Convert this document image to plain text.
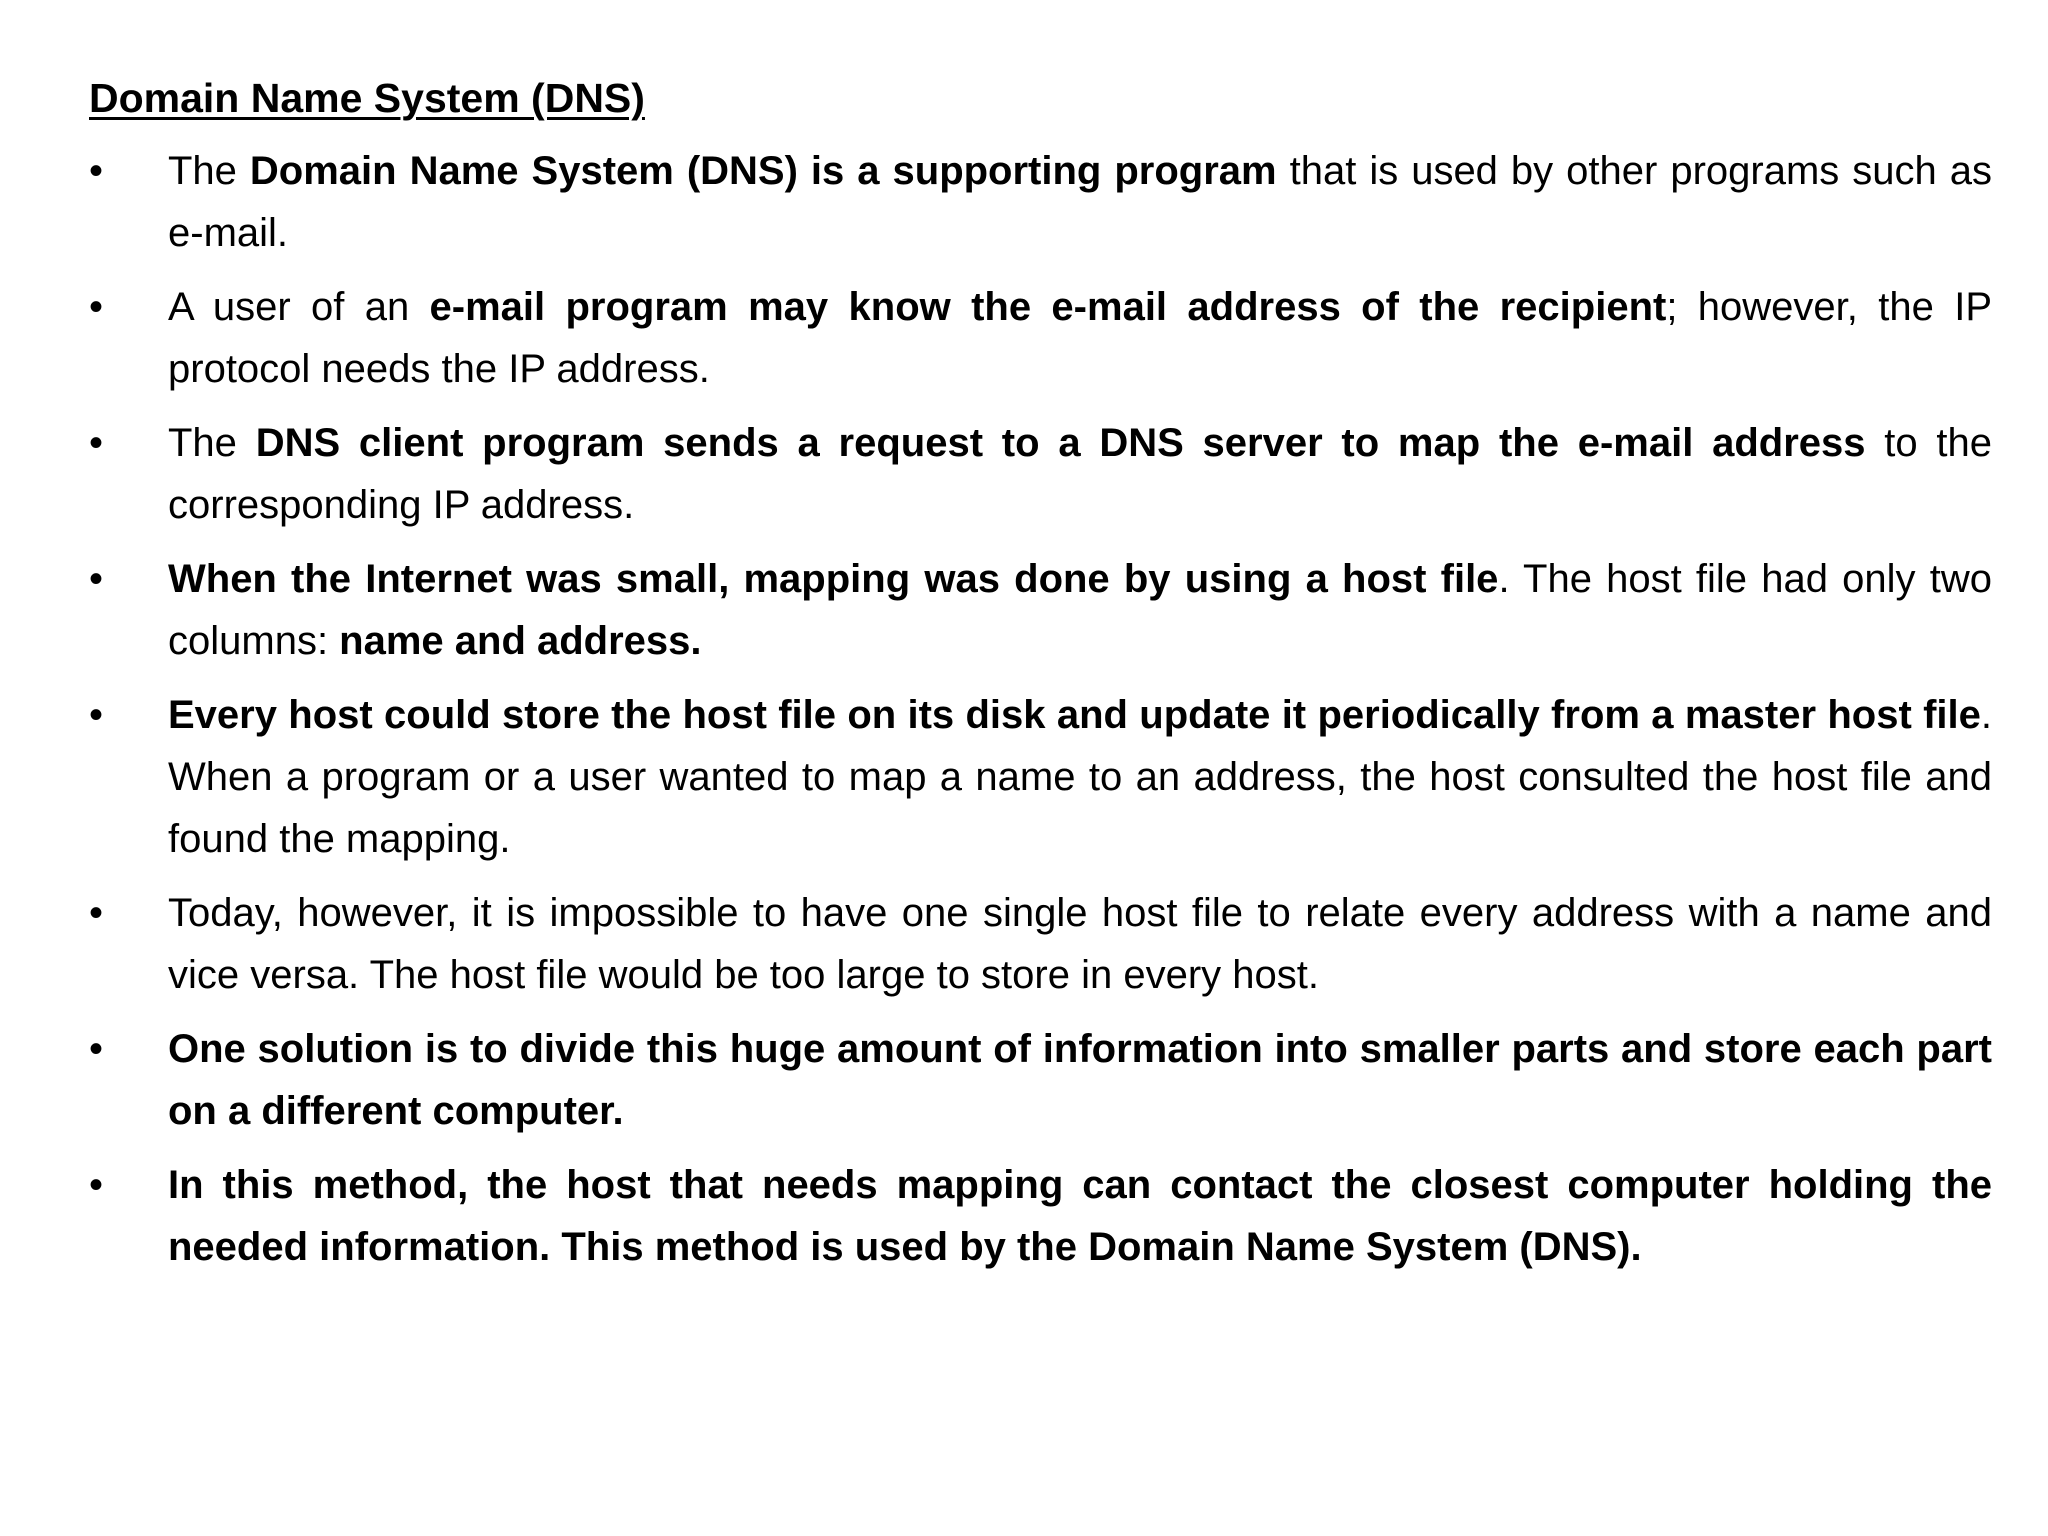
Domain Name System (DNS)
• The Domain Name System (DNS) is a supporting program that is used by other programs such as e-mail.
• A user of an e-mail program may know the e-mail address of the recipient; however, the IP protocol needs the IP address.
• The DNS client program sends a request to a DNS server to map the e-mail address to the corresponding IP address.
• When the Internet was small, mapping was done by using a host file. The host file had only two columns: name and address.
• Every host could store the host file on its disk and update it periodically from a master host file. When a program or a user wanted to map a name to an address, the host consulted the host file and found the mapping.
• Today, however, it is impossible to have one single host file to relate every address with a name and vice versa. The host file would be too large to store in every host.
• One solution is to divide this huge amount of information into smaller parts and store each part on a different computer.
• In this method, the host that needs mapping can contact the closest computer holding the needed information. This method is used by the Domain Name System (DNS).
